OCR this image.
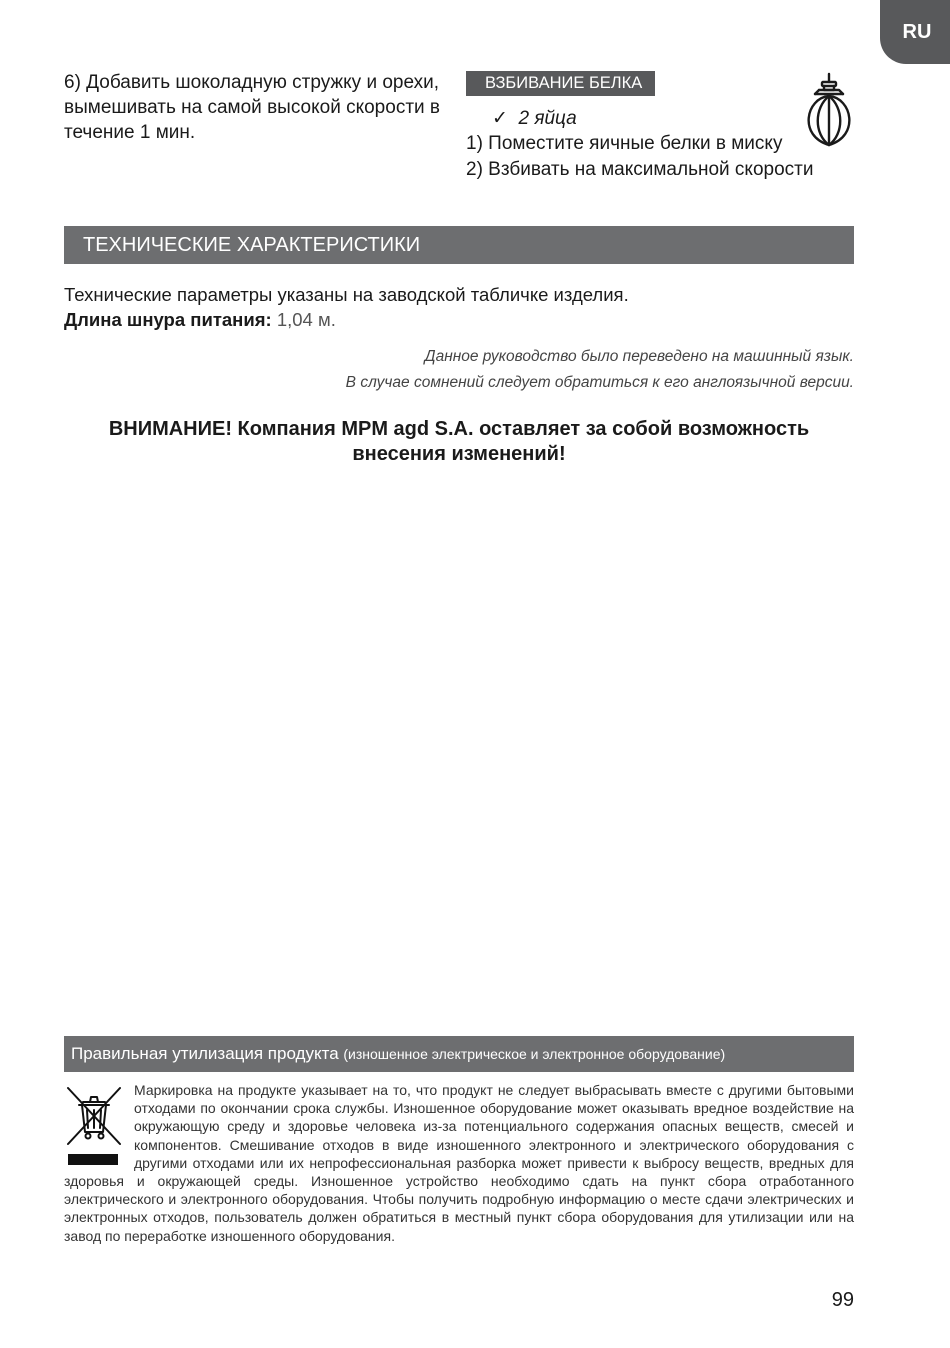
RU
6) Добавить шоколадную стружку и орехи, вымешивать на самой высокой скорости в течение 1 мин.
ВЗБИВАНИЕ БЕЛКА
✓ 2 яйца
1) Поместите яичные белки в миску
2) Взбивать на максимальной скорости
ТЕХНИЧЕСКИЕ ХАРАКТЕРИСТИКИ
Технические параметры указаны на заводской табличке изделия.
Длина шнура питания: 1,04 м.
Данное руководство было переведено на машинный язык.
В случае сомнений следует обратиться к его англоязычной версии.
ВНИМАНИЕ! Компания MPM agd S.A. оставляет за собой возможность внесения изменений!
Правильная утилизация продукта (изношенное электрическое и электронное оборудование)
Маркировка на продукте указывает на то, что продукт не следует выбрасывать вместе с другими бытовыми отходами по окончании срока службы. Изношенное оборудование может оказывать вредное воздействие на окружающую среду и здоровье человека из-за потенциального содержания опасных веществ, смесей и компонентов. Смешивание отходов в виде изношенного электронного и электрического оборудования с другими отходами или их непрофессиональная разборка может привести к выбросу веществ, вредных для здоровья и окружающей среды. Изношенное устройство необходимо сдать на пункт сбора отработанного электрического и электронного оборудования. Чтобы получить подробную информацию о месте сдачи электрических и электронных отходов, пользователь должен обратиться в местный пункт сбора оборудования для утилизации или на завод по переработке изношенного оборудования.
99
